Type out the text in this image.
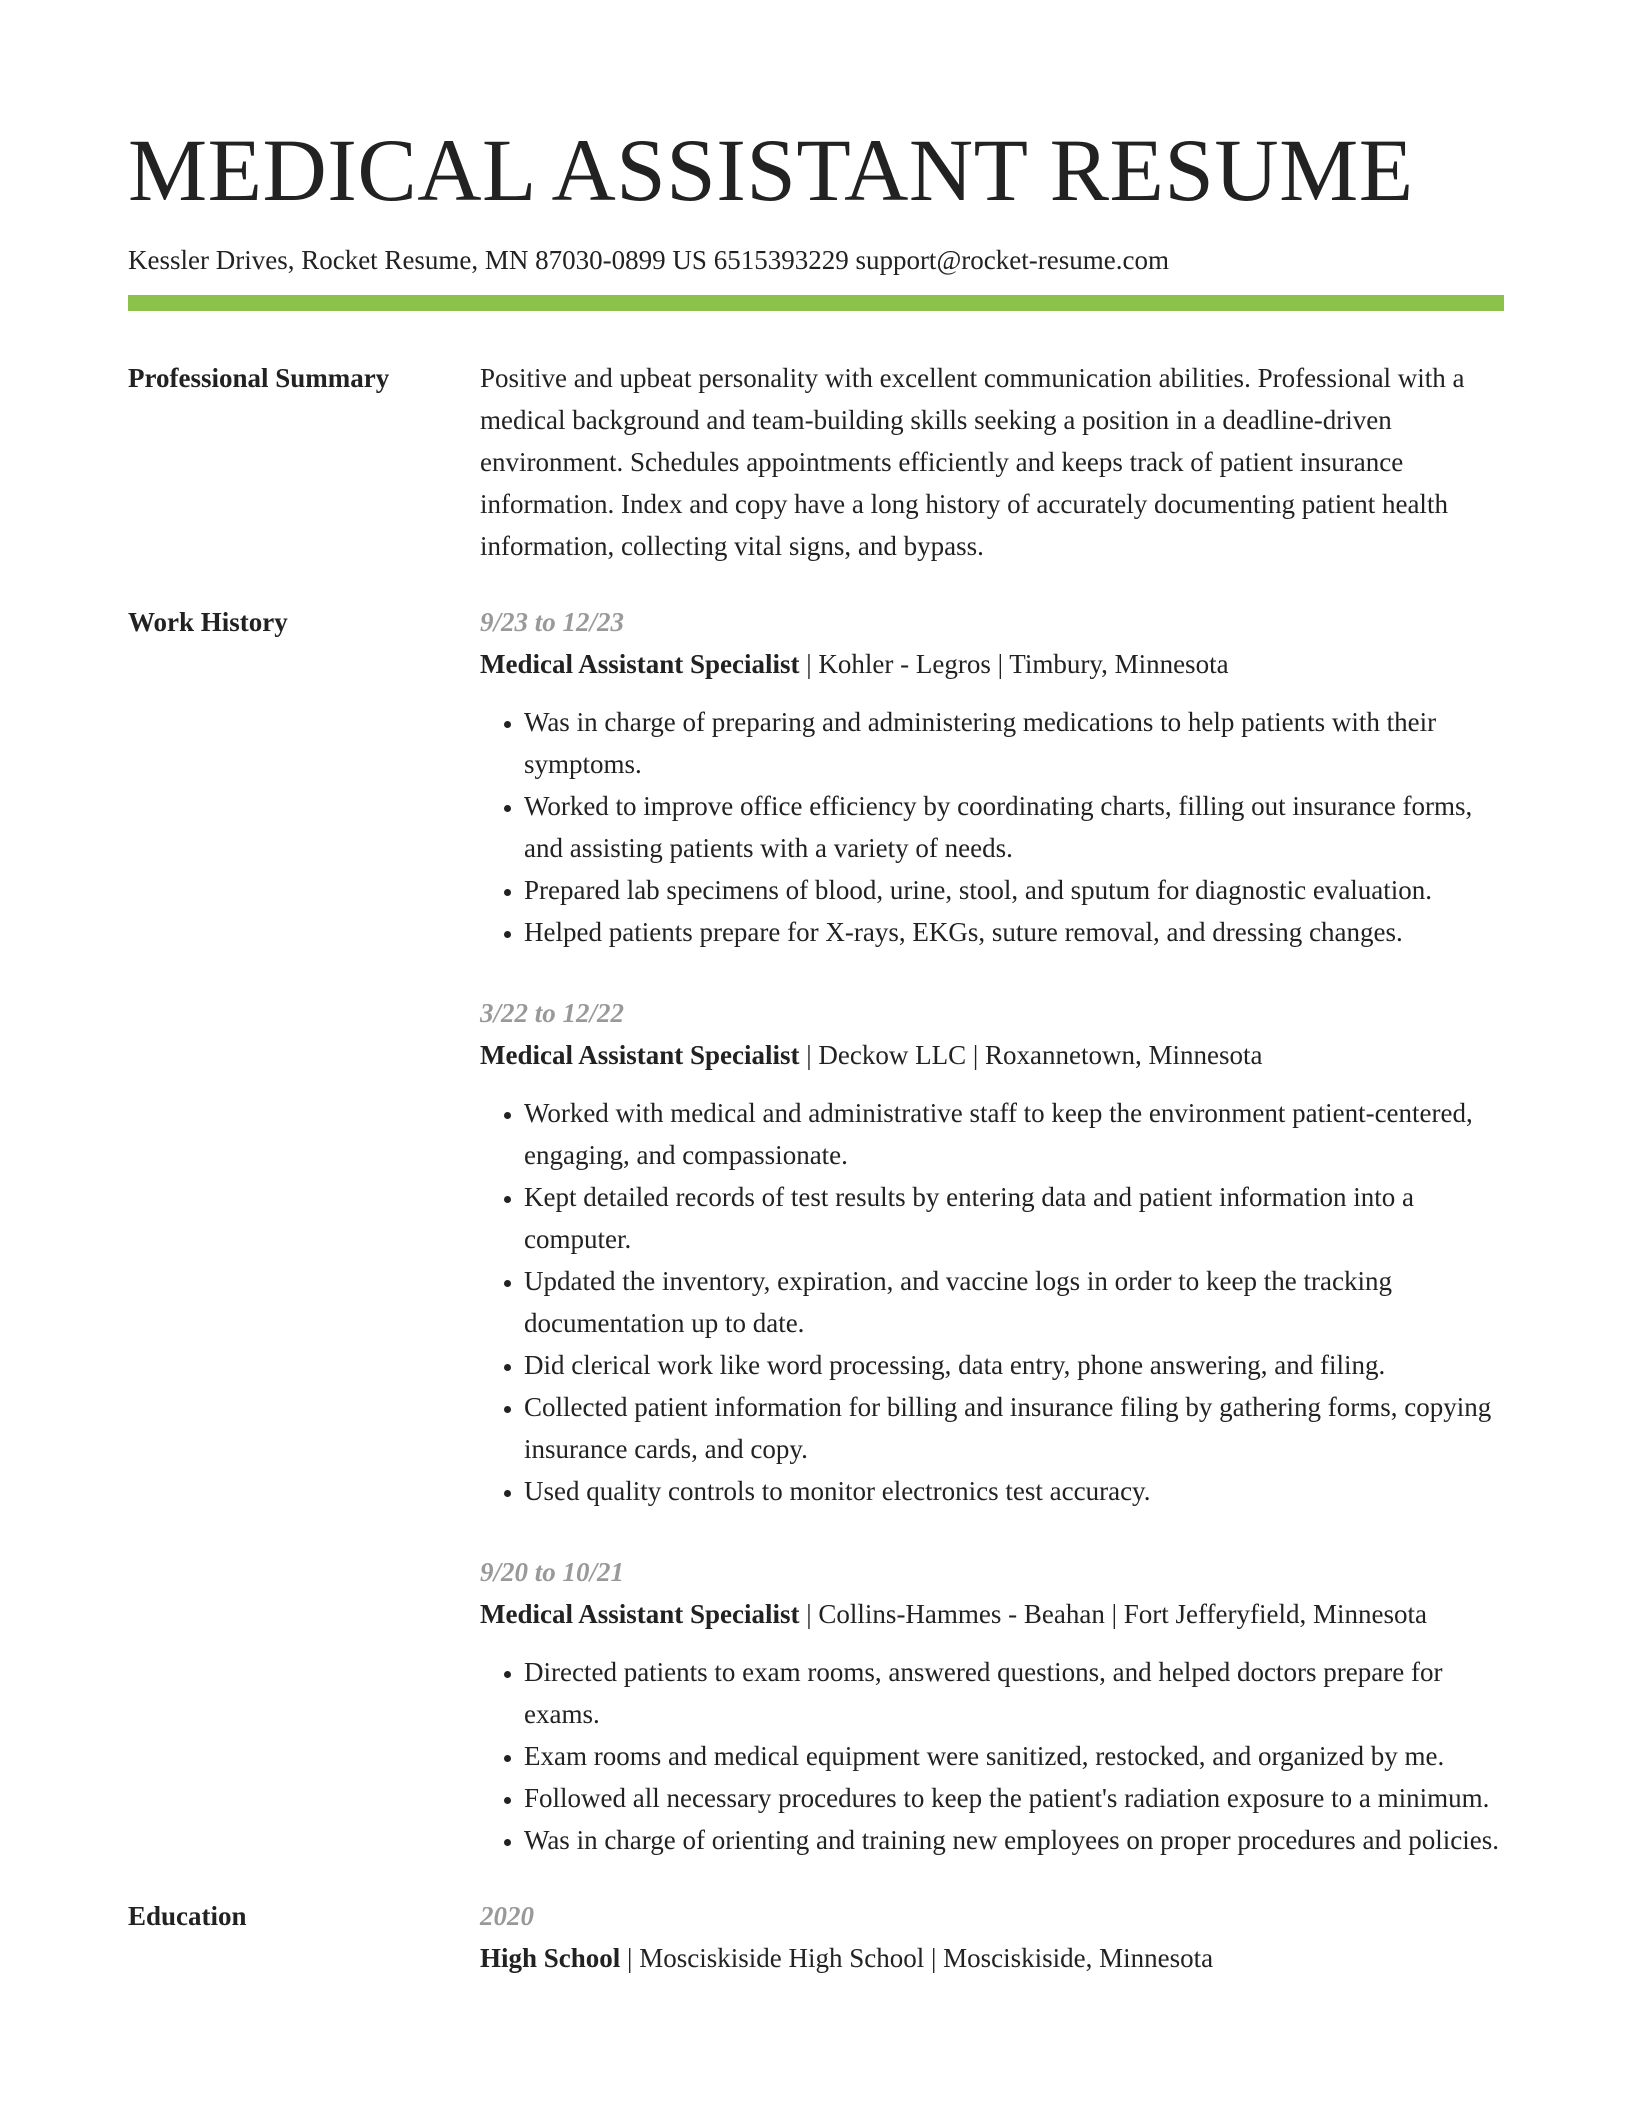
MEDICAL ASSISTANT RESUME
Kessler Drives, Rocket Resume, MN 87030-0899 US 6515393229 support@rocket-resume.com
Professional Summary	Positive and upbeat personality with excellent communication abilities. Professional with a medical background and team-building skills seeking a position in a deadline-driven environment. Schedules appointments efficiently and keeps track of patient insurance information. Index and copy have a long history of accurately documenting patient health information, collecting vital signs, and bypass.

Work History	9/23 to 12/23
Medical Assistant Specialist | Kohler - Legros | Timbury, Minnesota
• Was in charge of preparing and administering medications to help patients with their symptoms.
• Worked to improve office efficiency by coordinating charts, filling out insurance forms, and assisting patients with a variety of needs.
• Prepared lab specimens of blood, urine, stool, and sputum for diagnostic evaluation.
• Helped patients prepare for X-rays, EKGs, suture removal, and dressing changes.
3/22 to 12/22
Medical Assistant Specialist | Deckow LLC | Roxannetown, Minnesota
• Worked with medical and administrative staff to keep the environment patient-centered, engaging, and compassionate.
• Kept detailed records of test results by entering data and patient information into a computer.
• Updated the inventory, expiration, and vaccine logs in order to keep the tracking documentation up to date.
• Did clerical work like word processing, data entry, phone answering, and filing.
• Collected patient information for billing and insurance filing by gathering forms, copying insurance cards, and copy.
• Used quality controls to monitor electronics test accuracy.
9/20 to 10/21
Medical Assistant Specialist | Collins-Hammes - Beahan | Fort Jefferyfield, Minnesota
• Directed patients to exam rooms, answered questions, and helped doctors prepare for exams.
• Exam rooms and medical equipment were sanitized, restocked, and organized by me.
• Followed all necessary procedures to keep the patient's radiation exposure to a minimum.
• Was in charge of orienting and training new employees on proper procedures and policies.
Education	2020
High School | Mosciskiside High School | Mosciskiside, Minnesota
